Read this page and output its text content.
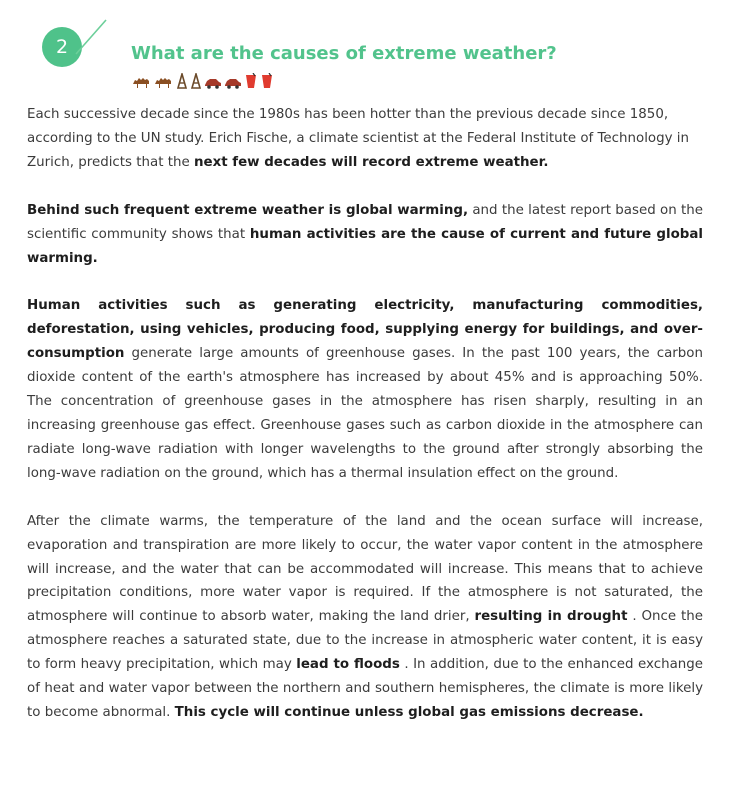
2	What are the causes of extreme weather?

Each successive decade since the 1980s has been hotter than the previous decade since 1850, according to the UN study. Erich Fische, a climate scientist at the Federal Institute of Technology in Zurich, predicts that the next few decades will record extreme weather.

Behind such frequent extreme weather is global warming, and the latest report based on the scientific community shows that human activities are the cause of current and future global warming.

Human activities such as generating electricity, manufacturing commodities, deforestation, using vehicles, producing food, supplying energy for buildings, and over-consumption generate large amounts of greenhouse gases. In the past 100 years, the carbon dioxide content of the earth's atmosphere has increased by about 45% and is approaching 50%. The concentration of greenhouse gases in the atmosphere has risen sharply, resulting in an increasing greenhouse gas effect. Greenhouse gases such as carbon dioxide in the atmosphere can radiate long-wave radiation with longer wavelengths to the ground after strongly absorbing the long-wave radiation on the ground, which has a thermal insulation effect on the ground.

After the climate warms, the temperature of the land and the ocean surface will increase, evaporation and transpiration are more likely to occur, the water vapor content in the atmosphere will increase, and the water that can be accommodated will increase. This means that to achieve precipitation conditions, more water vapor is required. If the atmosphere is not saturated, the atmosphere will continue to absorb water, making the land drier, resulting in drought . Once the atmosphere reaches a saturated state, due to the increase in atmospheric water content, it is easy to form heavy precipitation, which may lead to floods . In addition, due to the enhanced exchange of heat and water vapor between the northern and southern hemispheres, the climate is more likely to become abnormal. This cycle will continue unless global gas emissions decrease.
